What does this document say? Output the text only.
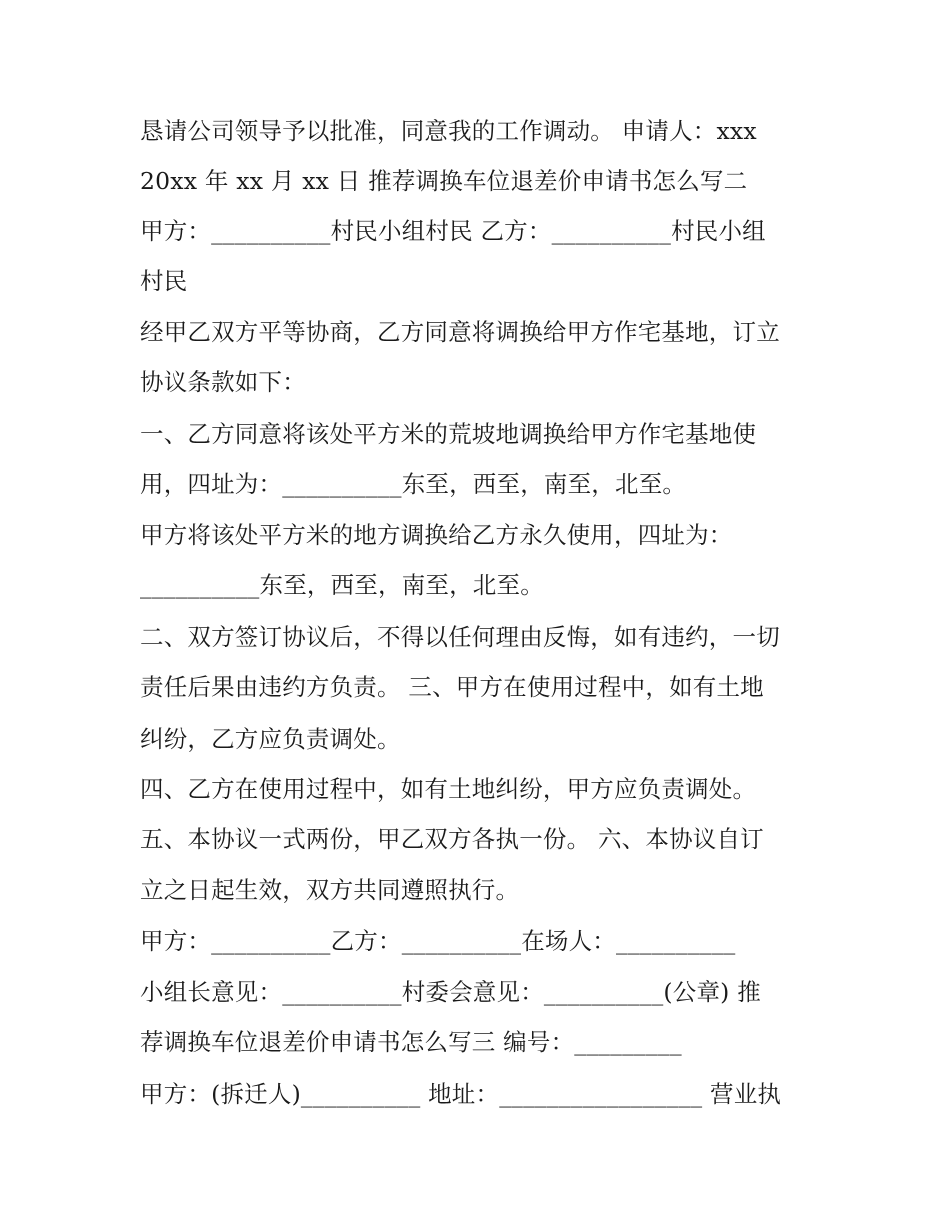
恳请公司领导予以批准，同意我的工作调动。 申请人：xxx
20xx 年 xx 月 xx 日 推荐调换车位退差价申请书怎么写二
甲方：__________村民小组村民 乙方：__________村民小组
村民
经甲乙双方平等协商，乙方同意将调换给甲方作宅基地，订立
协议条款如下：
一、乙方同意将该处平方米的荒坡地调换给甲方作宅基地使
用，四址为：__________东至，西至，南至，北至。
甲方将该处平方米的地方调换给乙方永久使用，四址为：
__________东至，西至，南至，北至。
二、双方签订协议后，不得以任何理由反悔，如有违约，一切
责任后果由违约方负责。 三、甲方在使用过程中，如有土地
纠纷，乙方应负责调处。
四、乙方在使用过程中，如有土地纠纷，甲方应负责调处。
五、本协议一式两份，甲乙双方各执一份。 六、本协议自订
立之日起生效，双方共同遵照执行。
甲方：__________乙方：__________在场人：__________
小组长意见：__________村委会意见：__________(公章) 推
荐调换车位退差价申请书怎么写三 编号：_________
甲方：(拆迁人)__________ 地址：_________________ 营业执
